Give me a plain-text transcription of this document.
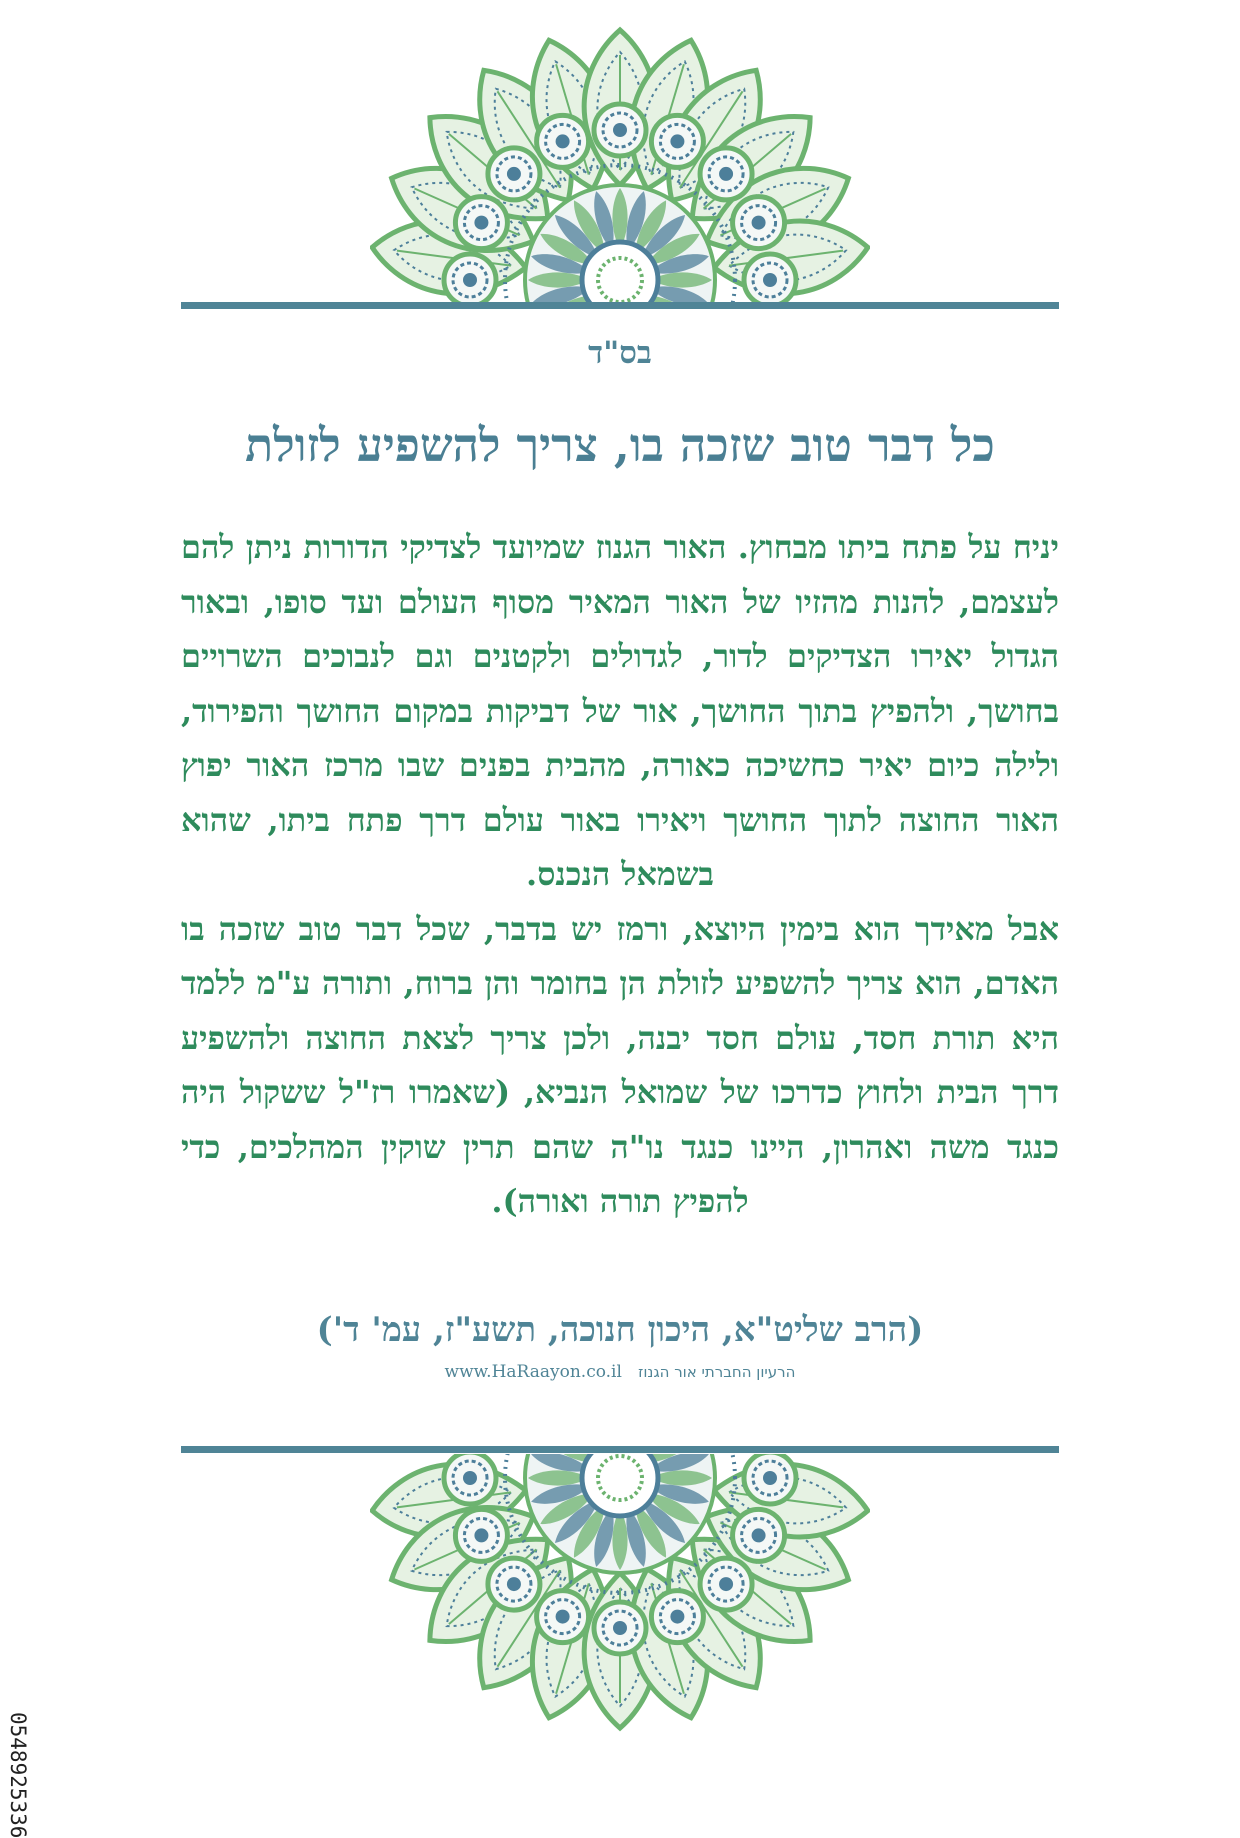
בס"ד
כל דבר טוב שזכה בו, צריך להשפיע לזולת

יניח על פתח ביתו מבחוץ. האור הגנוז שמיועד לצדיקי הדורות ניתן להם לעצמם, להנות מהזיו של האור המאיר מסוף העולם ועד סופו, ובאור הגדול יאירו הצדיקים לדור, לגדולים ולקטנים וגם לנבוכים השרויים בחושך, ולהפיץ בתוך החושך, אור של דביקות במקום החושך והפירוד, ולילה כיום יאיר כחשיכה כאורה, מהבית בפנים שבו מרכז האור יפוץ האור החוצה לתוך החושך ויאירו באור עולם דרך פתח ביתו, שהוא בשמאל הנכנס.

אבל מאידך הוא בימין היוצא, ורמז יש בדבר, שכל דבר טוב שזכה בו האדם, הוא צריך להשפיע לזולת הן בחומר והן ברוח, ותורה ע"מ ללמד היא תורת חסד, עולם חסד יבנה, ולכן צריך לצאת החוצה ולהשפיע דרך הבית ולחוץ כדרכו של שמואל הנביא, (שאמרו רז"ל ששקול היה כנגד משה ואהרון, היינו כנגד נו"ה שהם תרין שוקין המהלכים, כדי להפיץ תורה ואורה).

(הרב שליט"א, היכון חנוכה, תשע"ז, עמ' ד')
הרעיון החברתי אור הגנוז   www.HaRaayon.co.il
0548925336
